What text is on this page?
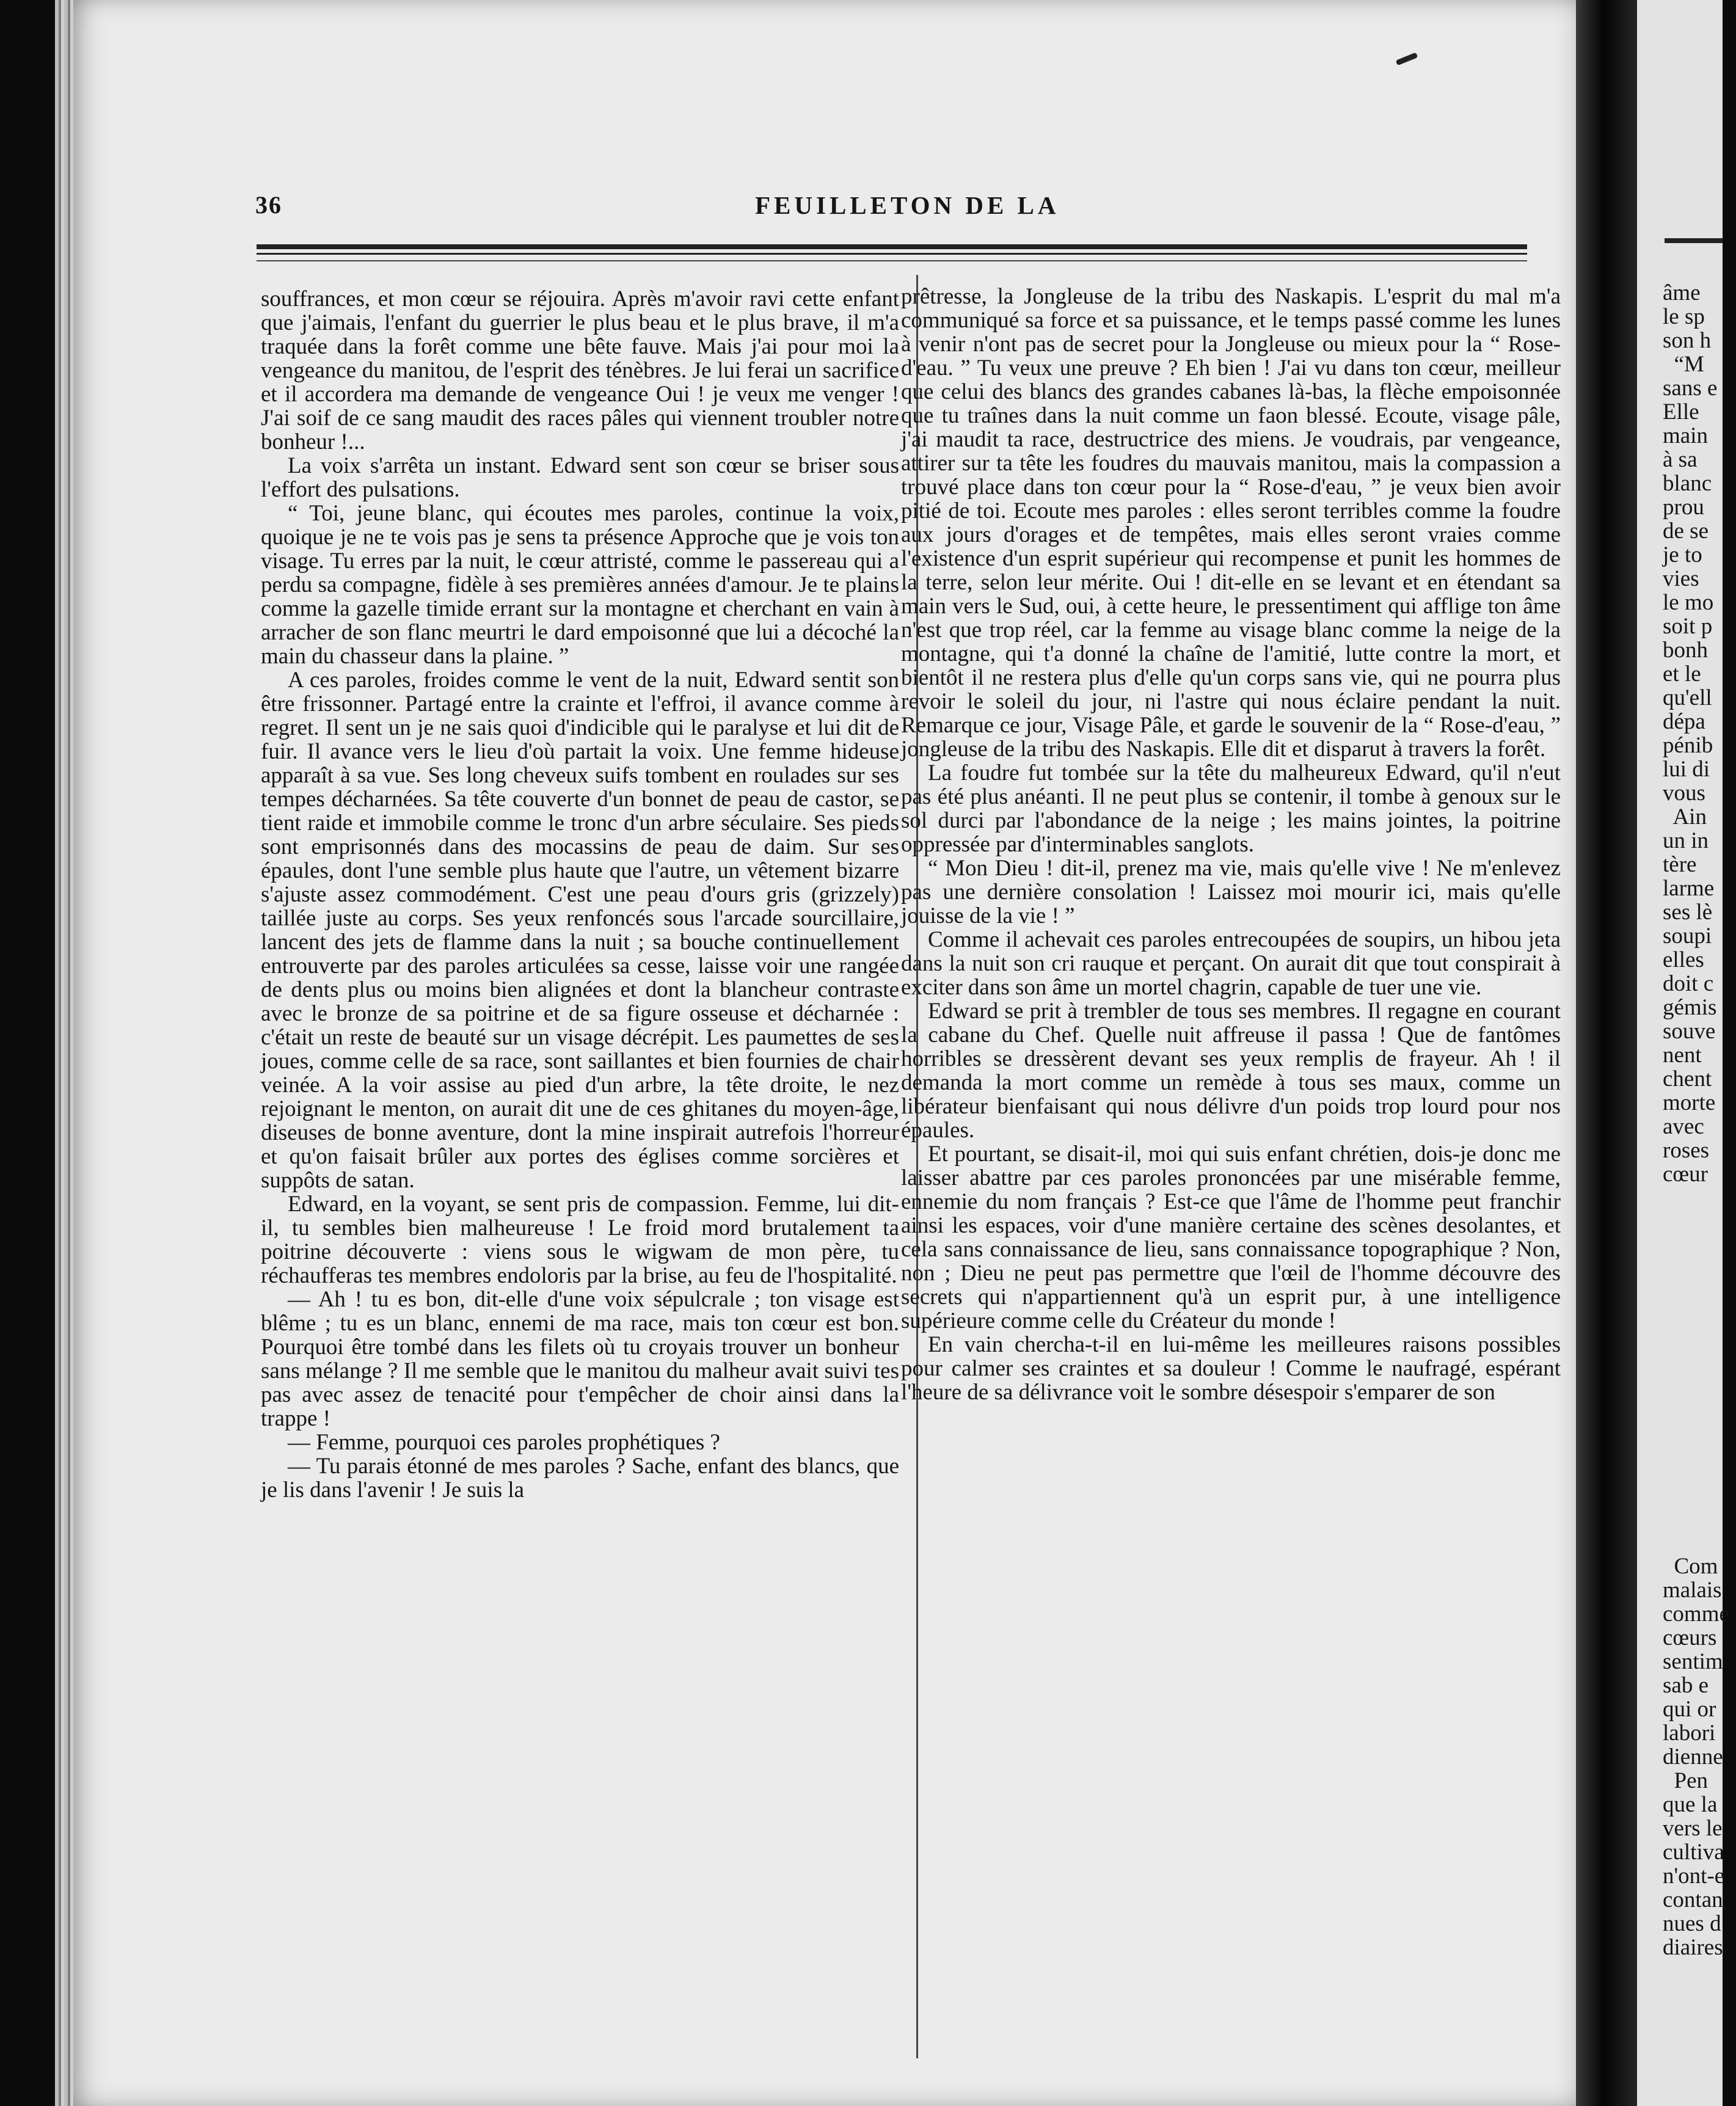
36	FEUILLETON DE LA

souffrances, et mon cœur se réjouira. Après m'avoir ravi cette enfant que j'aimais, l'enfant du guerrier le plus beau et le plus brave, il m'a traquée dans la forêt comme une bête fauve. Mais j'ai pour moi la vengeance du manitou, de l'esprit des ténèbres. Je lui ferai un sacrifice et il accordera ma demande de vengeance Oui ! je veux me venger ! J'ai soif de ce sang maudit des races pâles qui viennent troubler notre bonheur !...

La voix s'arrêta un instant. Edward sent son cœur se briser sous l'effort des pulsations.

“ Toi, jeune blanc, qui écoutes mes paroles, continue la voix, quoique je ne te vois pas je sens ta présence Approche que je vois ton visage. Tu erres par la nuit, le cœur attristé, comme le passereau qui a perdu sa compagne, fidèle à ses premières années d'amour. Je te plains comme la gazelle timide errant sur la montagne et cherchant en vain à arracher de son flanc meurtri le dard empoisonné que lui a décoché la main du chasseur dans la plaine. ”

A ces paroles, froides comme le vent de la nuit, Edward sentit son être frissonner. Partagé entre la crainte et l'effroi, il avance comme à regret. Il sent un je ne sais quoi d'indicible qui le paralyse et lui dit de fuir. Il avance vers le lieu d'où partait la voix. Une femme hideuse apparaît à sa vue. Ses long cheveux suifs tombent en roulades sur ses tempes décharnées. Sa tête couverte d'un bonnet de peau de castor, se tient raide et immobile comme le tronc d'un arbre séculaire. Ses pieds sont emprisonnés dans des mocassins de peau de daim. Sur ses épaules, dont l'une semble plus haute que l'autre, un vêtement bizarre s'ajuste assez commodément. C'est une peau d'ours gris (grizzely) taillée juste au corps. Ses yeux renfoncés sous l'arcade sourcillaire, lancent des jets de flamme dans la nuit ; sa bouche continuellement entrouverte par des paroles articulées sa cesse, laisse voir une rangée de dents plus ou moins bien alignées et dont la blancheur contraste avec le bronze de sa poitrine et de sa figure osseuse et décharnée : c'était un reste de beauté sur un visage décrépit. Les paumettes de ses joues, comme celle de sa race, sont saillantes et bien fournies de chair veinée. A la voir assise au pied d'un arbre, la tête droite, le nez rejoignant le menton, on aurait dit une de ces ghitanes du moyen-âge, diseuses de bonne aventure, dont la mine inspirait autrefois l'horreur et qu'on faisait brûler aux portes des églises comme sorcières et suppôts de satan.

Edward, en la voyant, se sent pris de compassion. Femme, lui dit-il, tu sembles bien malheureuse ! Le froid mord brutalement ta poitrine découverte : viens sous le wigwam de mon père, tu réchaufferas tes membres endoloris par la brise, au feu de l'hospitalité.

— Ah ! tu es bon, dit-elle d'une voix sépulcrale ; ton visage est blême ; tu es un blanc, ennemi de ma race, mais ton cœur est bon. Pourquoi être tombé dans les filets où tu croyais trouver un bonheur sans mélange ? Il me semble que le manitou du malheur avait suivi tes pas avec assez de tenacité pour t'empêcher de choir ainsi dans la trappe !

— Femme, pourquoi ces paroles prophétiques ?

— Tu parais étonné de mes paroles ? Sache, enfant des blancs, que je lis dans l'avenir ! Je suis la

prêtresse, la Jongleuse de la tribu des Naskapis. L'esprit du mal m'a communiqué sa force et sa puissance, et le temps passé comme les lunes à venir n'ont pas de secret pour la Jongleuse ou mieux pour la “ Rose-d'eau. ” Tu veux une preuve ? Eh bien ! J'ai vu dans ton cœur, meilleur que celui des blancs des grandes cabanes là-bas, la flèche empoisonnée que tu traînes dans la nuit comme un faon blessé. Ecoute, visage pâle, j'ai maudit ta race, destructrice des miens. Je voudrais, par vengeance, attirer sur ta tête les foudres du mauvais manitou, mais la compassion a trouvé place dans ton cœur pour la “ Rose-d'eau, ” je veux bien avoir pitié de toi. Ecoute mes paroles : elles seront terribles comme la foudre aux jours d'orages et de tempêtes, mais elles seront vraies comme l'existence d'un esprit supérieur qui recompense et punit les hommes de la terre, selon leur mérite. Oui ! dit-elle en se levant et en étendant sa main vers le Sud, oui, à cette heure, le pressentiment qui afflige ton âme n'est que trop réel, car la femme au visage blanc comme la neige de la montagne, qui t'a donné la chaîne de l'amitié, lutte contre la mort, et bientôt il ne restera plus d'elle qu'un corps sans vie, qui ne pourra plus revoir le soleil du jour, ni l'astre qui nous éclaire pendant la nuit. Remarque ce jour, Visage Pâle, et garde le souvenir de la “ Rose-d'eau, ” jongleuse de la tribu des Naskapis. Elle dit et disparut à travers la forêt.

La foudre fut tombée sur la tête du malheureux Edward, qu'il n'eut pas été plus anéanti. Il ne peut plus se contenir, il tombe à genoux sur le sol durci par l'abondance de la neige ; les mains jointes, la poitrine oppressée par d'interminables sanglots.

“ Mon Dieu ! dit-il, prenez ma vie, mais qu'elle vive ! Ne m'enlevez pas une dernière consolation ! Laissez moi mourir ici, mais qu'elle jouisse de la vie ! ”

Comme il achevait ces paroles entrecoupées de soupirs, un hibou jeta dans la nuit son cri rauque et perçant. On aurait dit que tout conspirait à exciter dans son âme un mortel chagrin, capable de tuer une vie.

Edward se prit à trembler de tous ses membres. Il regagne en courant la cabane du Chef. Quelle nuit affreuse il passa ! Que de fantômes horribles se dressèrent devant ses yeux remplis de frayeur. Ah ! il demanda la mort comme un remède à tous ses maux, comme un libérateur bienfaisant qui nous délivre d'un poids trop lourd pour nos épaules.

Et pourtant, se disait-il, moi qui suis enfant chrétien, dois-je donc me laisser abattre par ces paroles prononcées par une misérable femme, ennemie du nom français ? Est-ce que l'âme de l'homme peut franchir ainsi les espaces, voir d'une manière certaine des scènes desolantes, et cela sans connaissance de lieu, sans connaissance topographique ? Non, non ; Dieu ne peut pas permettre que l'œil de l'homme découvre des secrets qui n'appartiennent qu'à un esprit pur, à une intelligence supérieure comme celle du Créateur du monde !

En vain chercha-t-il en lui-même les meilleures raisons possibles pour calmer ses craintes et sa douleur ! Comme le naufragé, espérant l'heure de sa délivrance voit le sombre désespoir s'emparer de son

âme
le sp
son h
“M
sans e
Elle
main
à sa
blanc
prou
de se
je to
vies
le mo
soit p
bonh
et le
qu'ell
dépa
pénib
lui di
vous
Ain
un in
tère
larme
ses lè
soupi
elles
doit c
gémis
souve
nent
chent
morte
avec
roses
cœur
Com
malais
comme
cœurs
sentim
sab e
qui or
labori
dienne
Pen
que la
vers le
cultiva
n'ont-e
contan
nues d
diaires
